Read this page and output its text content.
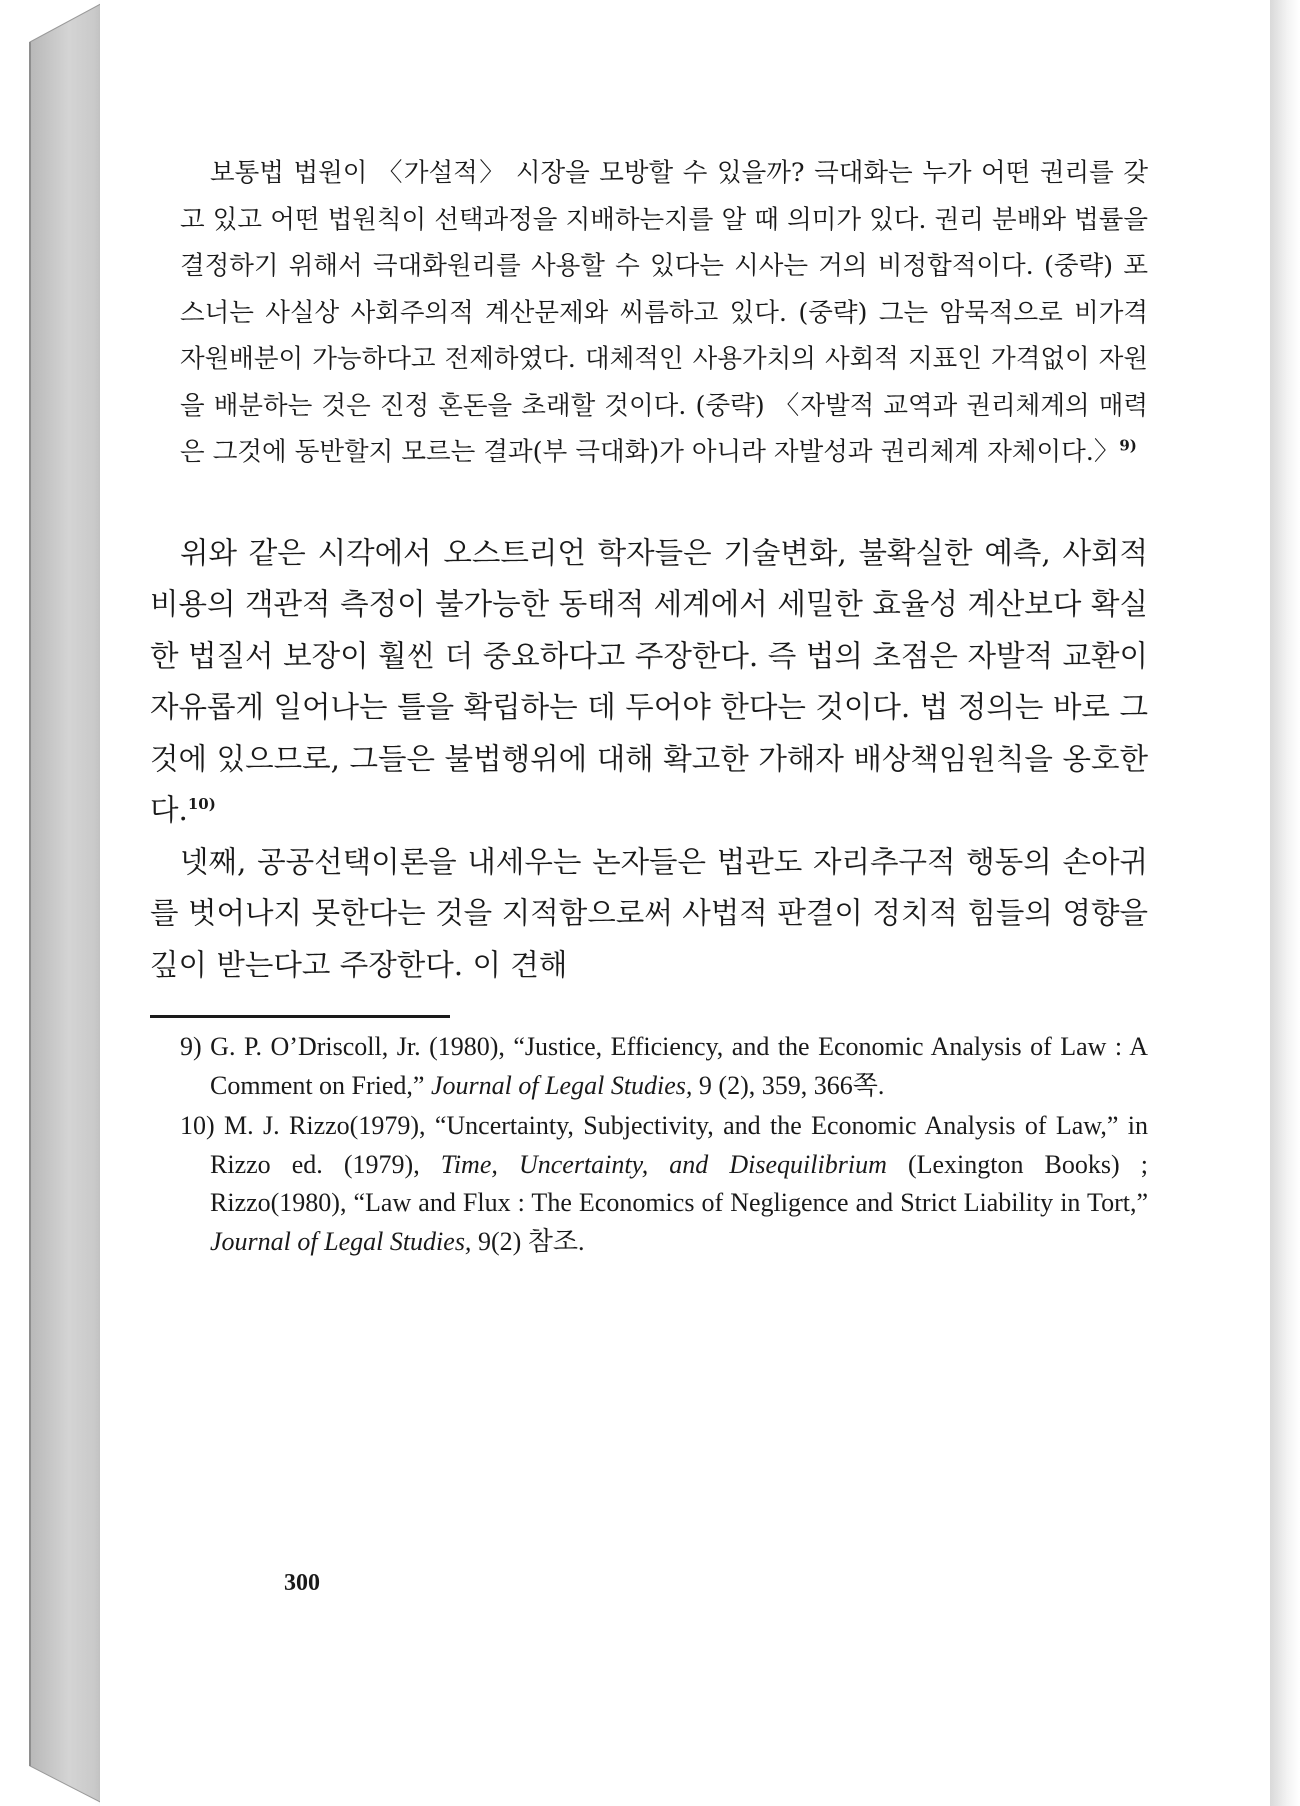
보통법 법원이 〈가설적〉 시장을 모방할 수 있을까? 극대화는 누가 어떤 권리를 갖고 있고 어떤 법원칙이 선택과정을 지배하는지를 알 때 의미가 있다. 권리 분배와 법률을 결정하기 위해서 극대화원리를 사용할 수 있다는 시사는 거의 비정합적이다. (중략) 포스너는 사실상 사회주의적 계산문제와 씨름하고 있다. (중략) 그는 암묵적으로 비가격 자원배분이 가능하다고 전제하였다. 대체적인 사용가치의 사회적 지표인 가격없이 자원을 배분하는 것은 진정 혼돈을 초래할 것이다. (중략) 〈자발적 교역과 권리체계의 매력은 그것에 동반할지 모르는 결과(부 극대화)가 아니라 자발성과 권리체계 자체이다.〉$^{9)}$

위와 같은 시각에서 오스트리언 학자들은 기술변화, 불확실한 예측, 사회적 비용의 객관적 측정이 불가능한 동태적 세계에서 세밀한 효율성 계산보다 확실한 법질서 보장이 훨씬 더 중요하다고 주장한다. 즉 법의 초점은 자발적 교환이 자유롭게 일어나는 틀을 확립하는 데 두어야 한다는 것이다. 법 정의는 바로 그것에 있으므로, 그들은 불법행위에 대해 확고한 가해자 배상책임원칙을 옹호한다.$^{10)}$

넷째, 공공선택이론을 내세우는 논자들은 법관도 자리추구적 행동의 손아귀를 벗어나지 못한다는 것을 지적함으로써 사법적 판결이 정치적 힘들의 영향을 깊이 받는다고 주장한다. 이 견해

9) G. P. O’Driscoll, Jr. (1980), “Justice, Efficiency, and the Economic Analysis of Law : A Comment on Fried,” Journal of Legal Studies, 9 (2), 359, 366쪽.

10) M. J. Rizzo(1979), “Uncertainty, Subjectivity, and the Economic Analysis of Law,” in Rizzo ed. (1979), Time, Uncertainty, and Disequilibrium (Lexington Books) ; Rizzo(1980), “Law and Flux : The Economics of Negligence and Strict Liability in Tort,” Journal of Legal Studies, 9(2) 참조.

300
